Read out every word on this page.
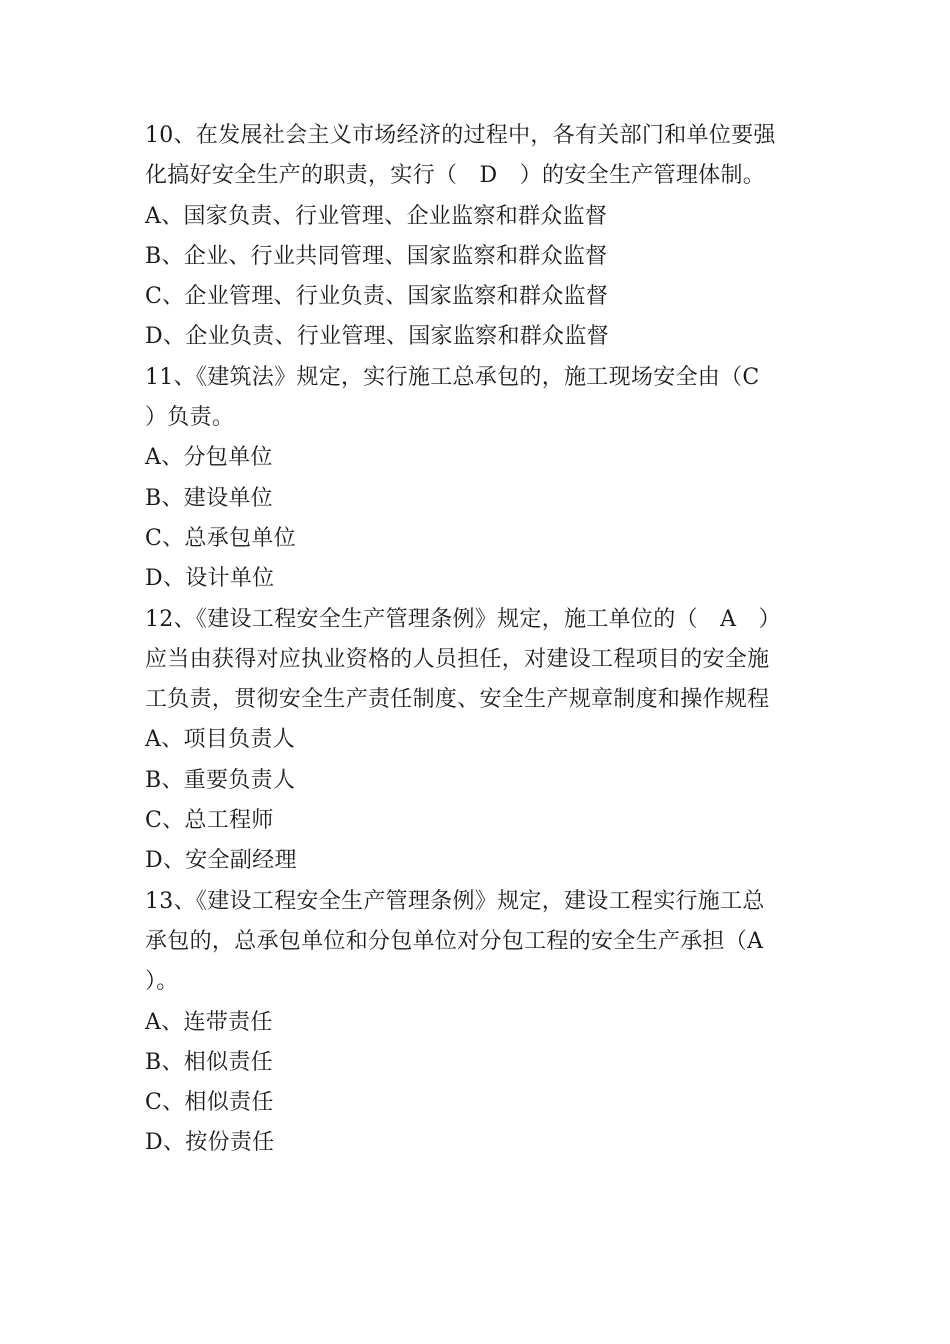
10、在发展社会主义市场经济的过程中，各有关部门和单位要强
化搞好安全生产的职责，实行（　D　）的安全生产管理体制。
A、国家负责、行业管理、企业监察和群众监督
B、企业、行业共同管理、国家监察和群众监督
C、企业管理、行业负责、国家监察和群众监督
D、企业负责、行业管理、国家监察和群众监督
11、《建筑法》规定，实行施工总承包的，施工现场安全由（C
）负责。
A、分包单位
B、建设单位
C、总承包单位
D、设计单位
12、《建设工程安全生产管理条例》规定，施工单位的（　A　）
应当由获得对应执业资格的人员担任，对建设工程项目的安全施
工负责，贯彻安全生产责任制度、安全生产规章制度和操作规程
A、项目负责人
B、重要负责人
C、总工程师
D、安全副经理
13、《建设工程安全生产管理条例》规定，建设工程实行施工总
承包的，总承包单位和分包单位对分包工程的安全生产承担（A
）。
A、连带责任
B、相似责任
C、相似责任
D、按份责任
